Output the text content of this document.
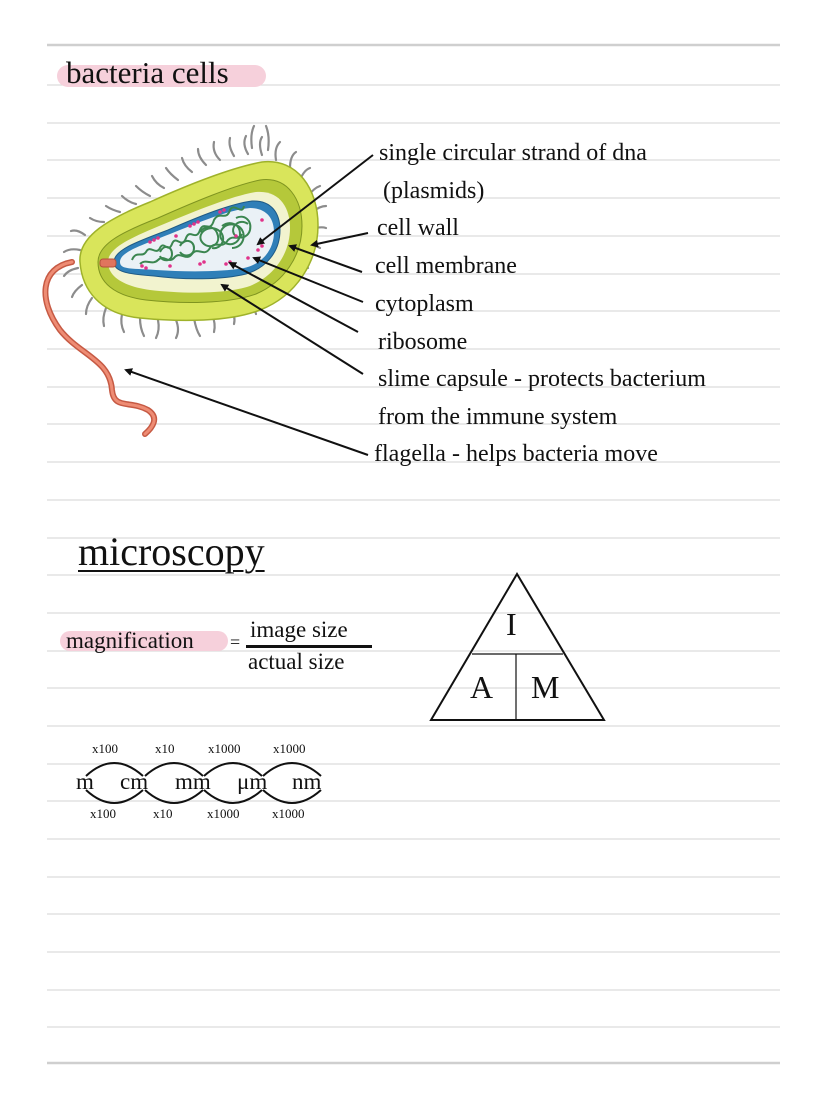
bacteria cells
single circular strand of dna
(plasmids)
cell wall
cell membrane
cytoplasm
ribosome
slime capsule - protects bacterium
from the immune system
flagella - helps bacteria move
microscopy
magnification = image size
actual size
I
A M
x100	x10	x1000	x1000
m cm mm μm nm
x100	x10	x1000	x1000
